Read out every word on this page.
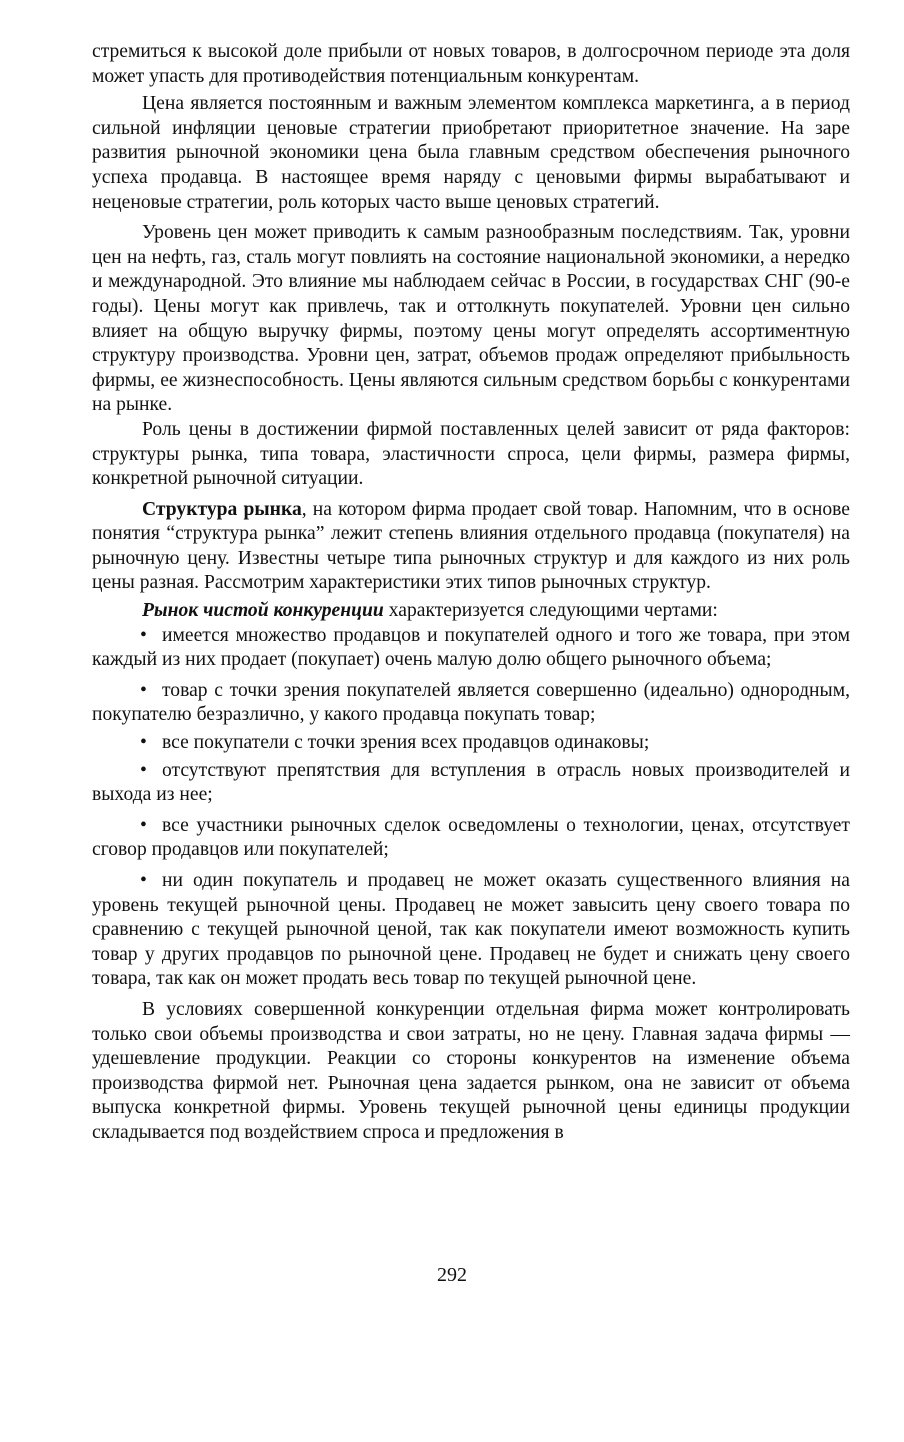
стремиться к высокой доле прибыли от новых товаров, в долгосрочном периоде эта доля может упасть для противодействия потенциальным конкурентам.

Цена является постоянным и важным элементом комплекса маркетинга, а в период сильной инфляции ценовые стратегии приобретают приоритетное значение. На заре развития рыночной экономики цена была главным средством обеспечения рыночного успеха продавца. В настоящее время наряду с ценовыми фирмы вырабатывают и неценовые стратегии, роль которых часто выше ценовых стратегий.

Уровень цен может приводить к самым разнообразным последствиям. Так, уровни цен на нефть, газ, сталь могут повлиять на состояние национальной экономики, а нередко и международной. Это влияние мы наблюдаем сейчас в России, в государствах СНГ (90-е годы). Цены могут как привлечь, так и оттолкнуть покупателей. Уровни цен сильно влияет на общую выручку фирмы, поэтому цены могут определять ассортиментную структуру производства. Уровни цен, затрат, объемов продаж определяют прибыльность фирмы, ее жизнеспособность. Цены являются сильным средством борьбы с конкурентами на рынке.

Роль цены в достижении фирмой поставленных целей зависит от ряда факторов: структуры рынка, типа товара, эластичности спроса, цели фирмы, размера фирмы, конкретной рыночной ситуации.

Структура рынка, на котором фирма продает свой товар. Напомним, что в основе понятия “структура рынка” лежит степень влияния отдельного продавца (покупателя) на рыночную цену. Известны четыре типа рыночных структур и для каждого из них роль цены разная. Рассмотрим характеристики этих типов рыночных структур.

Рынок чистой конкуренции характеризуется следующими чертами:

• имеется множество продавцов и покупателей одного и того же товара, при этом каждый из них продает (покупает) очень малую долю общего рыночного объема;

• товар с точки зрения покупателей является совершенно (идеально) однородным, покупателю безразлично, у какого продавца покупать товар;

• все покупатели с точки зрения всех продавцов одинаковы;

• отсутствуют препятствия для вступления в отрасль новых производителей и выхода из нее;

• все участники рыночных сделок осведомлены о технологии, ценах, отсутствует сговор продавцов или покупателей;

• ни один покупатель и продавец не может оказать существенного влияния на уровень текущей рыночной цены. Продавец не может завысить цену своего товара по сравнению с текущей рыночной ценой, так как покупатели имеют возможность купить товар у других продавцов по рыночной цене. Продавец не будет и снижать цену своего товара, так как он может продать весь товар по текущей рыночной цене.

В условиях совершенной конкуренции отдельная фирма может контролировать только свои объемы производства и свои затраты, но не цену. Главная задача фирмы — удешевление продукции. Реакции со стороны конкурентов на изменение объема производства фирмой нет. Рыночная цена задается рынком, она не зависит от объема выпуска конкретной фирмы. Уровень текущей рыночной цены единицы продукции складывается под воздействием спроса и предложения в

292
